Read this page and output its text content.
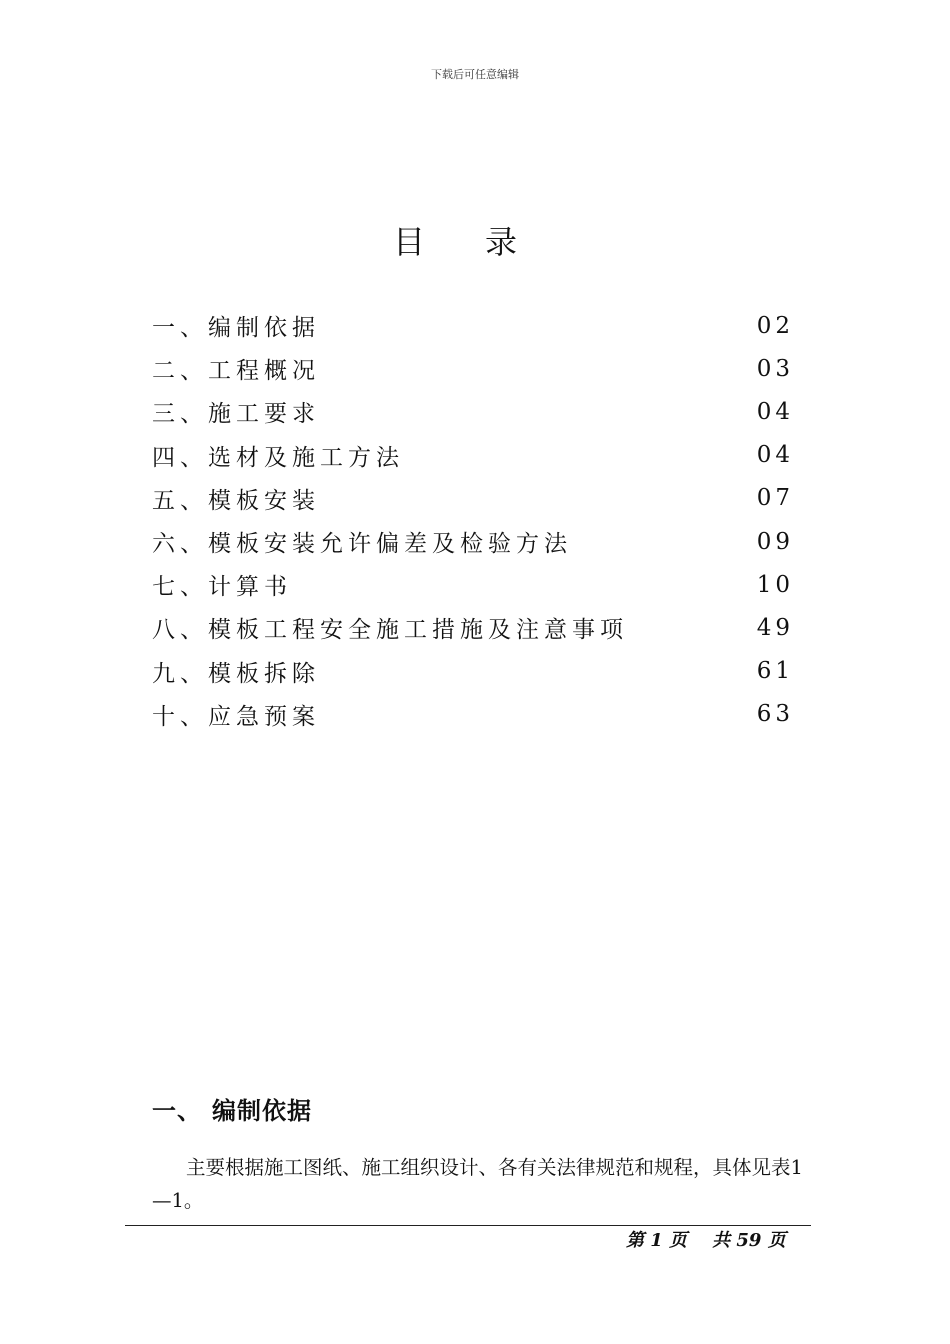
下载后可任意编辑
目录
一、编制依据	02
二、工程概况	03
三、施工要求	04
四、选材及施工方法	04
五、模板安装	07
六、模板安装允许偏差及检验方法	09
七、计算书	10
八、模板工程安全施工措施及注意事项	49
九、模板拆除	61
十、应急预案	63
一、 编制依据

主要根据施工图纸、施工组织设计、各有关法律规范和规程，具体见表1—1。

第 1 页    共 59 页
